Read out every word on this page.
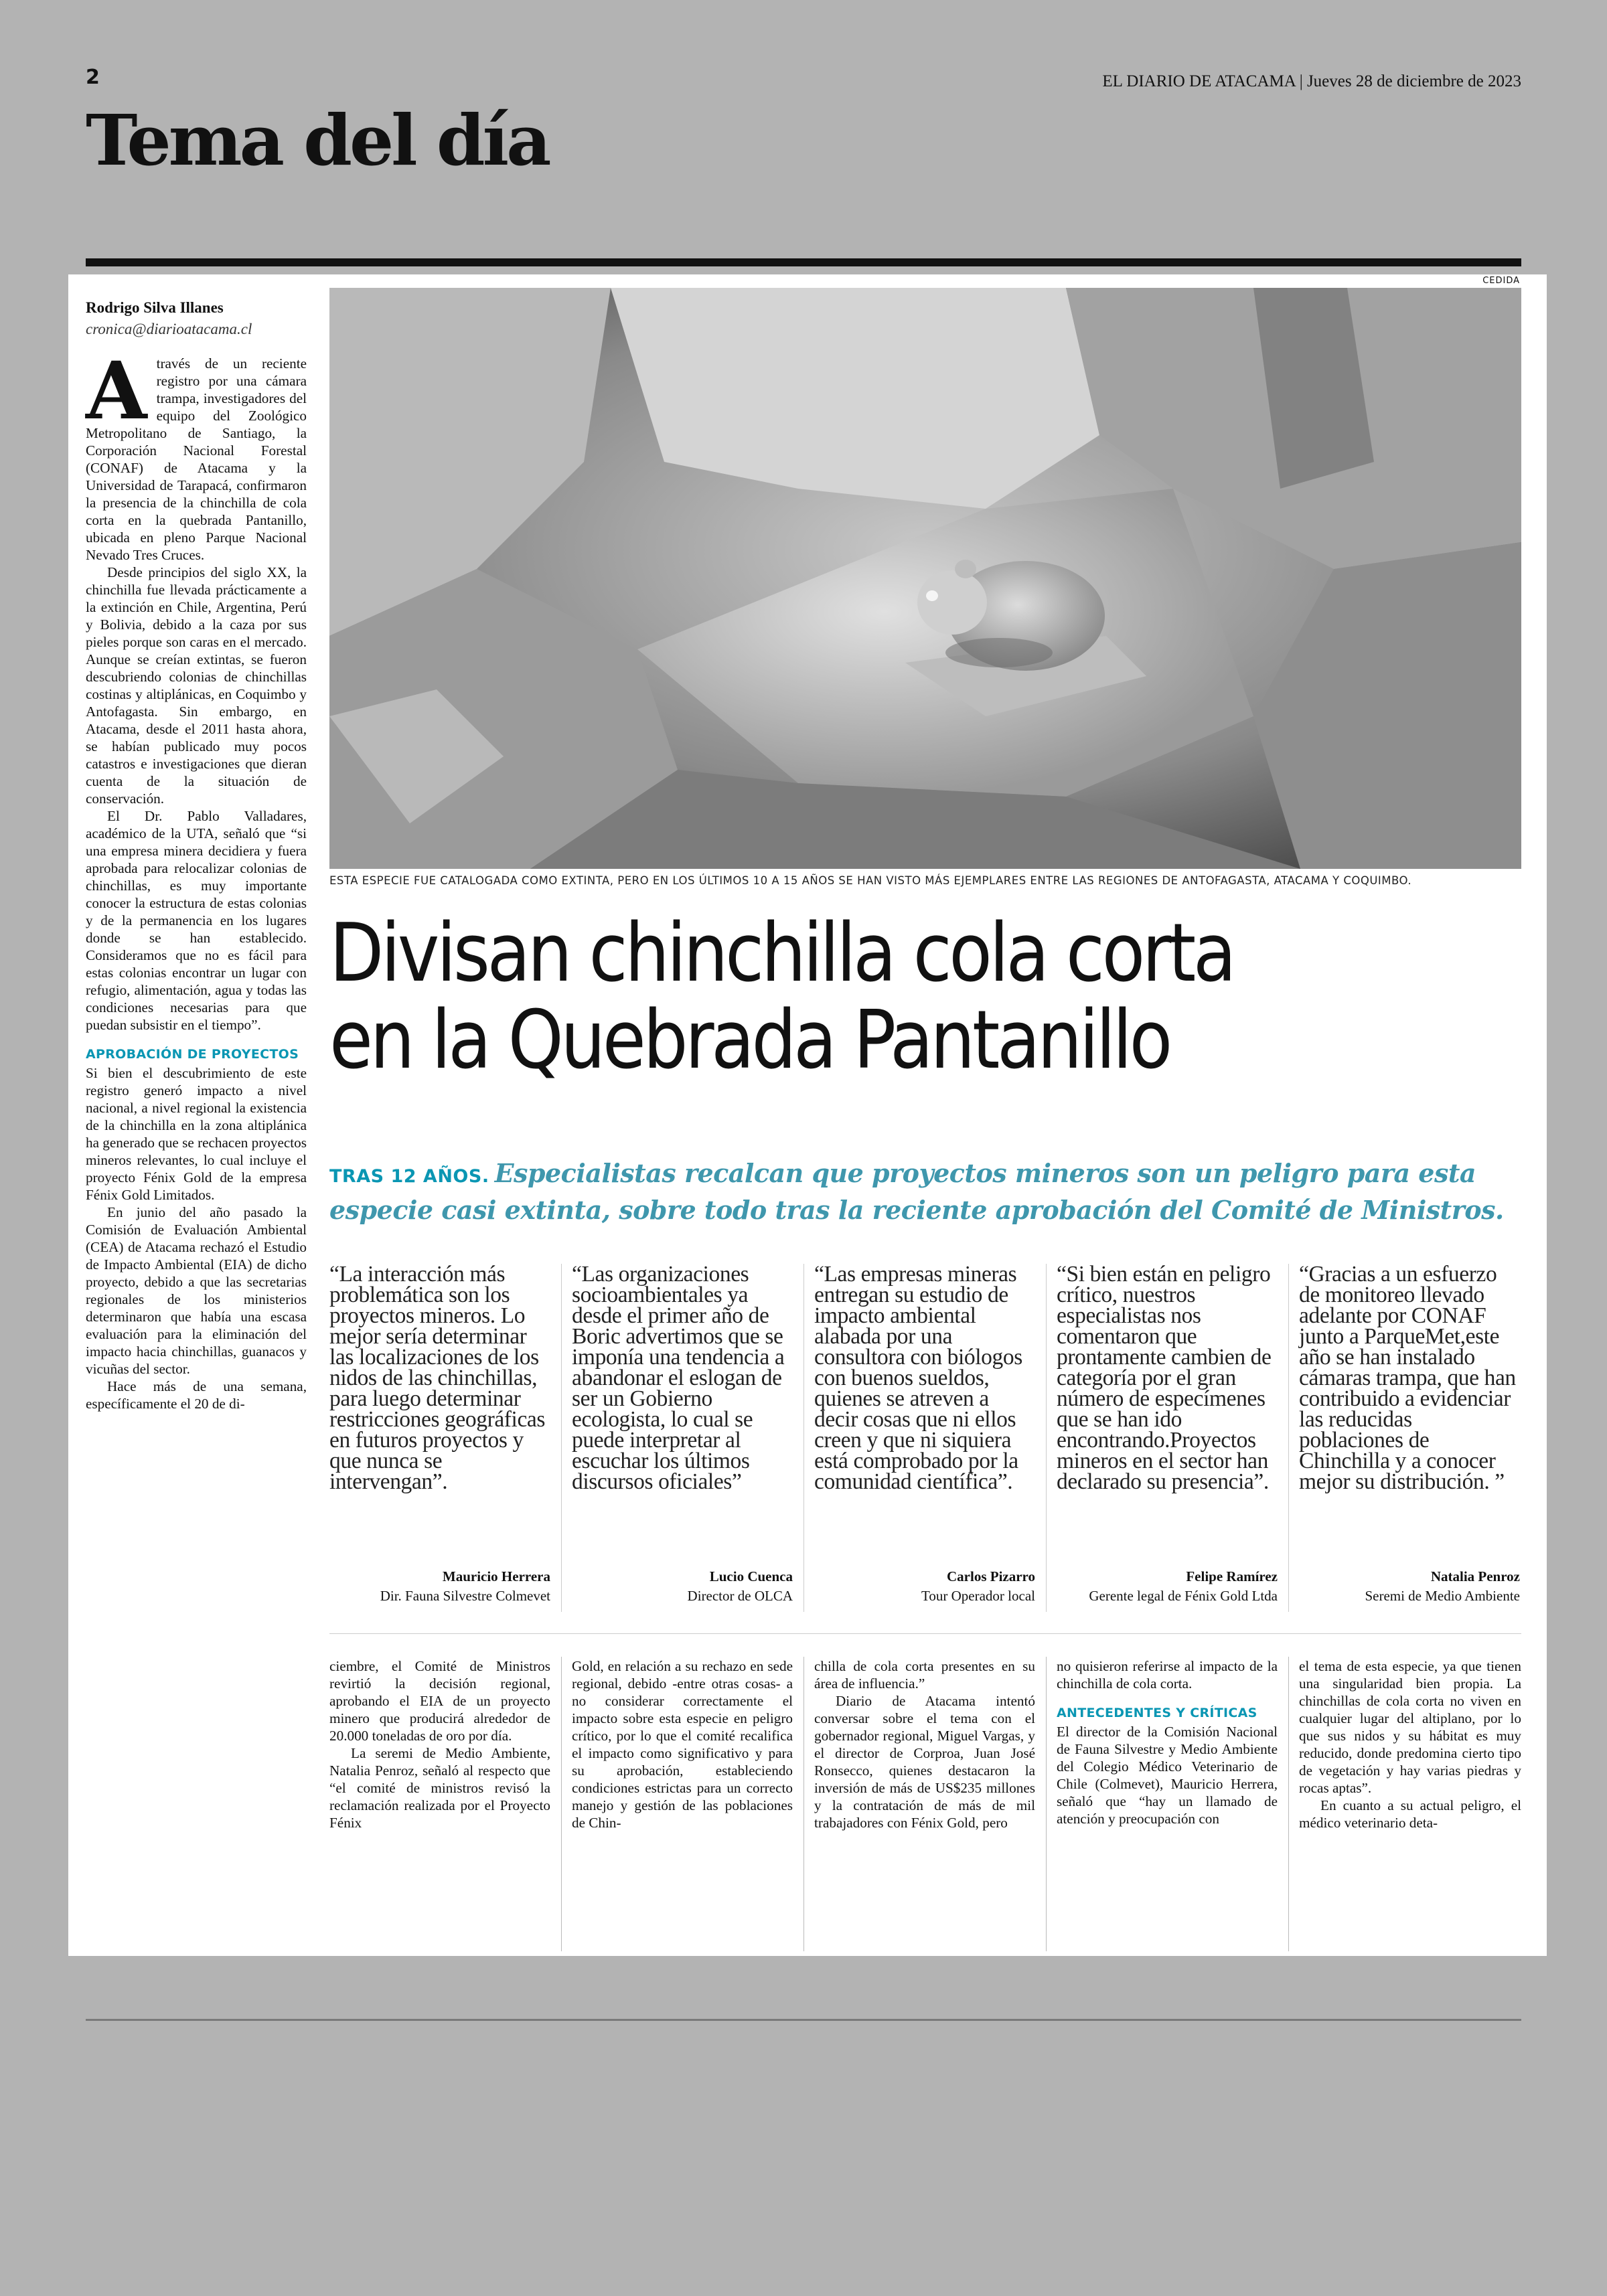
2	EL DIARIO DE ATACAMA | Jueves 28 de diciembre de 2023
Tema del día
CEDIDA
Rodrigo Silva Illanes
cronica@diarioatacama.cl

Através de un reciente registro por una cámara trampa, investigadores del equipo del Zoológico Metropolitano de Santiago, la Corporación Nacional Forestal (CONAF) de Atacama y la Universidad de Tarapacá, confirmaron la presencia de la chinchilla de cola corta en la quebrada Pantanillo, ubicada en pleno Parque Nacional Nevado Tres Cruces.

Desde principios del siglo XX, la chinchilla fue llevada prácticamente a la extinción en Chile, Argentina, Perú y Bolivia, debido a la caza por sus pieles porque son caras en el mercado. Aunque se creían extintas, se fueron descubriendo colonias de chinchillas costinas y altiplánicas, en Coquimbo y Antofagasta. Sin embargo, en Atacama, desde el 2011 hasta ahora, se habían publicado muy pocos catastros e investigaciones que dieran cuenta de la situación de conservación.

El Dr. Pablo Valladares, académico de la UTA, señaló que “si una empresa minera decidiera y fuera aprobada para relocalizar colonias de chinchillas, es muy importante conocer la estructura de estas colonias y de la permanencia en los lugares donde se han establecido. Consideramos que no es fácil para estas colonias encontrar un lugar con refugio, alimentación, agua y todas las condiciones necesarias para que puedan subsistir en el tiempo”.

APROBACIÓN DE PROYECTOS

Si bien el descubrimiento de este registro generó impacto a nivel nacional, a nivel regional la existencia de la chinchilla en la zona altiplánica ha generado que se rechacen proyectos mineros relevantes, lo cual incluye el proyecto Fénix Gold de la empresa Fénix Gold Limitados.

En junio del año pasado la Comisión de Evaluación Ambiental (CEA) de Atacama rechazó el Estudio de Impacto Ambiental (EIA) de dicho proyecto, debido a que las secretarias regionales de los ministerios determinaron que había una escasa evaluación para la eliminación del impacto hacia chinchillas, guanacos y vicuñas del sector.

Hace más de una semana, específicamente el 20 de di-

ESTA ESPECIE FUE CATALOGADA COMO EXTINTA, PERO EN LOS ÚLTIMOS 10 A 15 AÑOS SE HAN VISTO MÁS EJEMPLARES ENTRE LAS REGIONES DE ANTOFAGASTA, ATACAMA Y COQUIMBO.
Divisan chinchilla cola corta
en la Quebrada Pantanillo
TRAS 12 AÑOS. Especialistas recalcan que proyectos mineros son un peligro para esta especie casi extinta, sobre todo tras la reciente aprobación del Comité de Ministros.
“La interacción más problemática son los proyectos mineros. Lo mejor sería determinar las localizaciones de los nidos de las chinchillas, para luego determinar restricciones geográficas en futuros proyectos y que nunca se intervengan”.
Mauricio Herrera
Dir. Fauna Silvestre Colmevet
“Las organizaciones socioambientales ya desde el primer año de Boric advertimos que se imponía una tendencia a abandonar el eslogan de ser un Gobierno ecologista, lo cual se puede interpretar al escuchar los últimos discursos oficiales”
Lucio Cuenca
Director de OLCA
“Las empresas mineras entregan su estudio de impacto ambiental alabada por una consultora con biólogos con buenos sueldos, quienes se atreven a decir cosas que ni ellos creen y que ni siquiera está comprobado por la comunidad científica”.
Carlos Pizarro
Tour Operador local
“Si bien están en peligro crítico, nuestros especialistas nos comentaron que prontamente cambien de categoría por el gran número de especímenes que se han ido encontrando.Proyectos mineros en el sector han declarado su presencia”.
Felipe Ramírez
Gerente legal de Fénix Gold Ltda
“Gracias a un esfuerzo de monitoreo llevado adelante por CONAF junto a ParqueMet,este año se han instalado cámaras trampa, que han contribuido a evidenciar las reducidas poblaciones de Chinchilla y a conocer mejor su distribución. ”
Natalia Penroz
Seremi de Medio Ambiente

ciembre, el Comité de Ministros revirtió la decisión regional, aprobando el EIA de un proyecto minero que producirá alrededor de 20.000 toneladas de oro por día.

La seremi de Medio Ambiente, Natalia Penroz, señaló al respecto que “el comité de ministros revisó la reclamación realizada por el Proyecto Fénix

Gold, en relación a su rechazo en sede regional, debido -entre otras cosas- a no considerar correctamente el impacto sobre esta especie en peligro crítico, por lo que el comité recalifica el impacto como significativo y para su aprobación, estableciendo condiciones estrictas para un correcto manejo y gestión de las poblaciones de Chin-

chilla de cola corta presentes en su área de influencia.”

Diario de Atacama intentó conversar sobre el tema con el gobernador regional, Miguel Vargas, y el director de Corproa, Juan José Ronsecco, quienes destacaron la inversión de más de US$235 millones y la contratación de más de mil trabajadores con Fénix Gold, pero

no quisieron referirse al impacto de la chinchilla de cola corta.

ANTECEDENTES Y CRÍTICAS

El director de la Comisión Nacional de Fauna Silvestre y Medio Ambiente del Colegio Médico Veterinario de Chile (Colmevet), Mauricio Herrera, señaló que “hay un llamado de atención y preocupación con

el tema de esta especie, ya que tienen una singularidad bien propia. La chinchillas de cola corta no viven en cualquier lugar del altiplano, por lo que sus nidos y su hábitat es muy reducido, donde predomina cierto tipo de vegetación y hay varias piedras y rocas aptas”.

En cuanto a su actual peligro, el médico veterinario deta-
